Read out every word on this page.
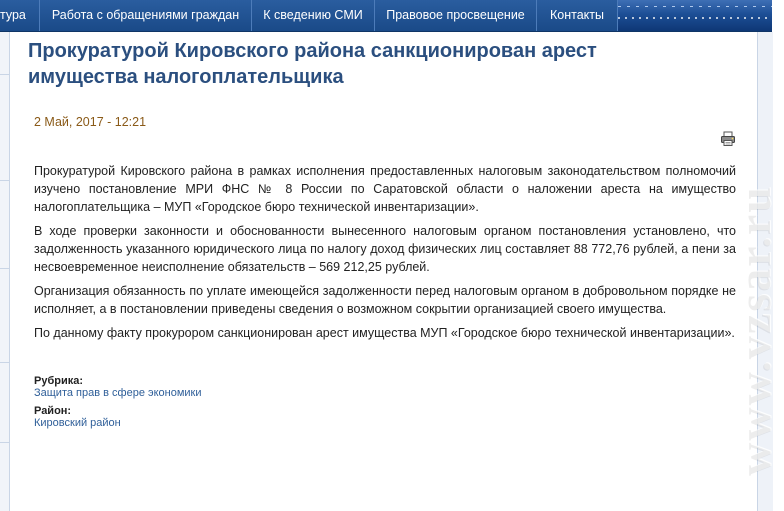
тура	Работа с обращениями граждан	К сведению СМИ	Правовое просвещение	Контакты
www.vzsar.ru
Прокуратурой Кировского района санкционирован арест имущества налогоплательщика
2 Май, 2017 - 12:21

Прокуратурой Кировского района в рамках исполнения предоставленных налоговым законодательством полномочий изучено постановление МРИ ФНС № 8 России по Саратовской области о наложении ареста на имущество налогоплательщика – МУП «Городское бюро технической инвентаризации».

В ходе проверки законности и обоснованности вынесенного налоговым органом постановления установлено, что задолженность указанного юридического лица по налогу доход физических лиц составляет 88 772,76 рублей, а пени за несвоевременное неисполнение обязательств – 569 212,25 рублей.

Организация обязанность по уплате имеющейся задолженности перед налоговым органом в добровольном порядке не исполняет, а в постановлении приведены сведения о возможном сокрытии организацией своего имущества.

По данному факту прокурором санкционирован арест имущества МУП «Городское бюро технической инвентаризации».

Рубрика:
Защита прав в сфере экономики
Район:
Кировский район
